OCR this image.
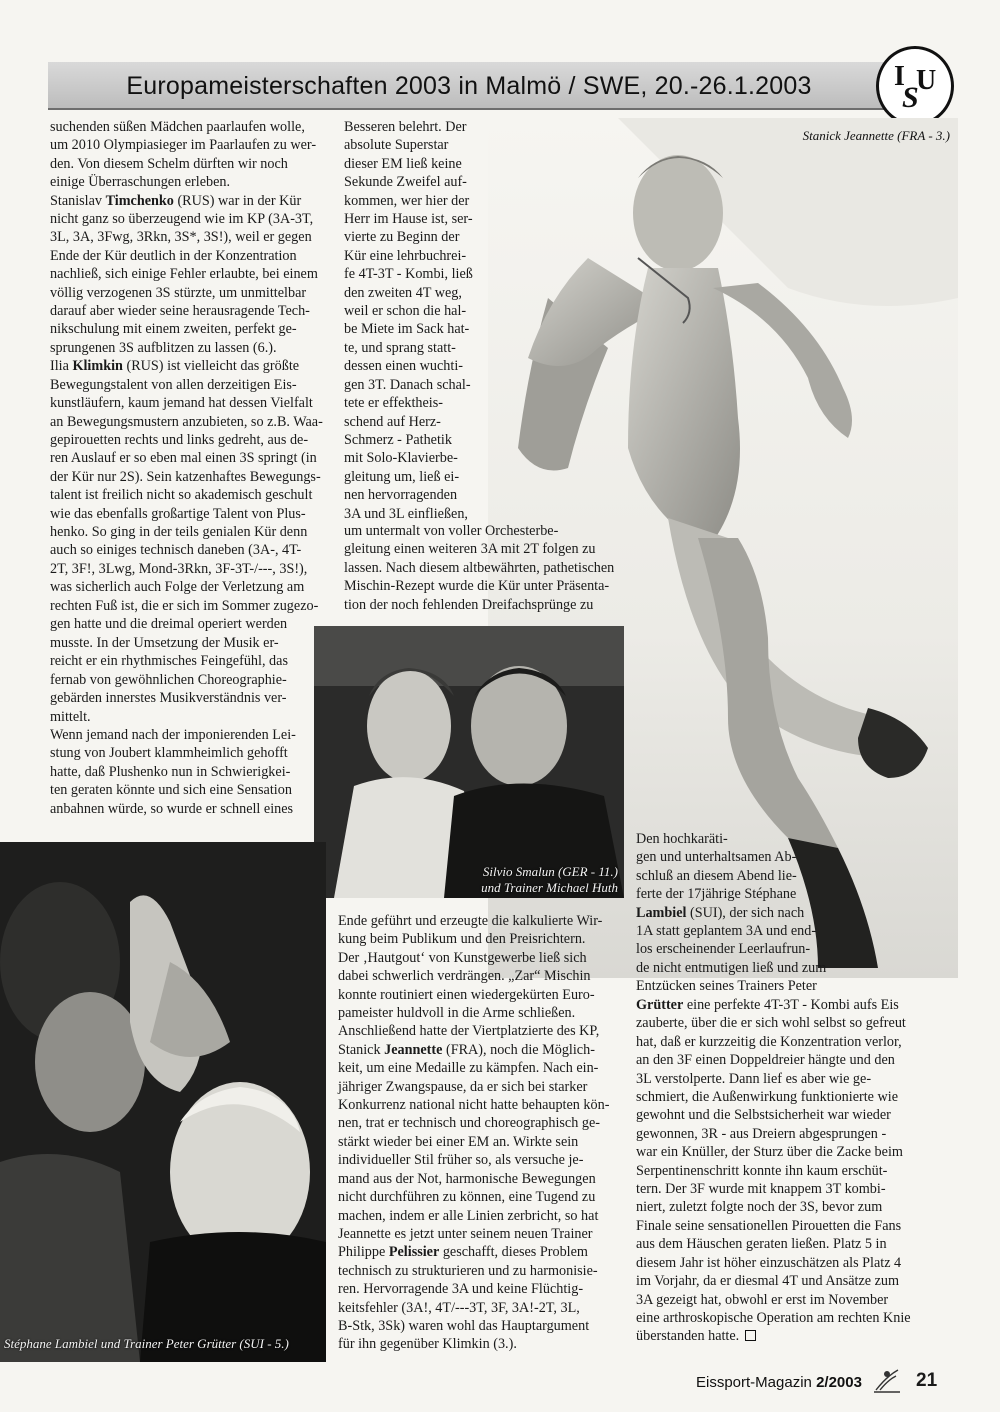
Europameisterschaften 2003 in Malmö / SWE, 20.-26.1.2003	I
S
U
Stanick Jeannette (FRA - 3.)
suchenden süßen Mädchen paarlaufen wolle,
um 2010 Olympiasieger im Paarlaufen zu wer-
den. Von diesem Schelm dürften wir noch
einige Überraschungen erleben.
Stanislav Timchenko (RUS) war in der Kür
nicht ganz so überzeugend wie im KP (3A-3T,
3L, 3A, 3Fwg, 3Rkn, 3S*, 3S!), weil er gegen
Ende der Kür deutlich in der Konzentration
nachließ, sich einige Fehler erlaubte, bei einem
völlig verzogenen 3S stürzte, um unmittelbar
darauf aber wieder seine herausragende Tech-
nikschulung mit einem zweiten, perfekt ge-
sprungenen 3S aufblitzen zu lassen (6.).
Ilia Klimkin (RUS) ist vielleicht das größte
Bewegungstalent von allen derzeitigen Eis-
kunstläufern, kaum jemand hat dessen Vielfalt
an Bewegungsmustern anzubieten, so z.B. Waa-
gepirouetten rechts und links gedreht, aus de-
ren Auslauf er so eben mal einen 3S springt (in
der Kür nur 2S). Sein katzenhaftes Bewegungs-
talent ist freilich nicht so akademisch geschult
wie das ebenfalls großartige Talent von Plus-
henko. So ging in der teils genialen Kür denn
auch so einiges technisch daneben (3A-, 4T-
2T, 3F!, 3Lwg, Mond-3Rkn, 3F-3T-/---, 3S!),
was sicherlich auch Folge der Verletzung am
rechten Fuß ist, die er sich im Sommer zugezo-
gen hatte und die dreimal operiert werden
musste. In der Umsetzung der Musik er-
reicht er ein rhythmisches Feingefühl, das
fernab von gewöhnlichen Choreographie-
gebärden innerstes Musikverständnis ver-
mittelt.
Wenn jemand nach der imponierenden Lei-
stung von Joubert klammheimlich gehofft
hatte, daß Plushenko nun in Schwierigkei-
ten geraten könnte und sich eine Sensation
anbahnen würde, so wurde er schnell eines
Besseren belehrt. Der
absolute Superstar
dieser EM ließ keine
Sekunde Zweifel auf-
kommen, wer hier der
Herr im Hause ist, ser-
vierte zu Beginn der
Kür eine lehrbuchrei-
fe 4T-3T - Kombi, ließ
den zweiten 4T weg,
weil er schon die hal-
be Miete im Sack hat-
te, und sprang statt-
dessen einen wuchti-
gen 3T. Danach schal-
tete er effektheis-
schend auf Herz-
Schmerz - Pathetik
mit Solo-Klavierbe-
gleitung um, ließ ei-
nen hervorragenden
3A und 3L einfließen,
um untermalt von voller Orchesterbe-
gleitung einen weiteren 3A mit 2T folgen zu
lassen. Nach diesem altbewährten, pathetischen
Mischin-Rezept wurde die Kür unter Präsenta-
tion der noch fehlenden Dreifachsprünge zu
Silvio Smalun (GER - 11.)
und Trainer Michael Huth
Stéphane Lambiel und Trainer Peter Grütter (SUI - 5.)
Ende geführt und erzeugte die kalkulierte Wir-
kung beim Publikum und den Preisrichtern.
Der ‚Hautgout‘ von Kunstgewerbe ließ sich
dabei schwerlich verdrängen. „Zar“ Mischin
konnte routiniert einen wiedergekürten Euro-
pameister huldvoll in die Arme schließen.
Anschließend hatte der Viertplatzierte des KP,
Stanick Jeannette (FRA), noch die Möglich-
keit, um eine Medaille zu kämpfen. Nach ein-
jähriger Zwangspause, da er sich bei starker
Konkurrenz national nicht hatte behaupten kön-
nen, trat er technisch und choreographisch ge-
stärkt wieder bei einer EM an. Wirkte sein
individueller Stil früher so, als versuche je-
mand aus der Not, harmonische Bewegungen
nicht durchführen zu können, eine Tugend zu
machen, indem er alle Linien zerbricht, so hat
Jeannette es jetzt unter seinem neuen Trainer
Philippe Pelissier geschafft, dieses Problem
technisch zu strukturieren und zu harmonisie-
ren. Hervorragende 3A und keine Flüchtig-
keitsfehler (3A!, 4T/---3T, 3F, 3A!-2T, 3L,
B-Stk, 3Sk) waren wohl das Hauptargument
für ihn gegenüber Klimkin (3.).
Den hochkaräti-
gen und unterhaltsamen Ab-
schluß an diesem Abend lie-
ferte der 17jährige Stéphane
Lambiel (SUI), der sich nach
1A statt geplantem 3A und end-
los erscheinender Leerlaufrun-
de nicht entmutigen ließ und zum
Entzücken seines Trainers Peter
Grütter eine perfekte 4T-3T - Kombi aufs Eis
zauberte, über die er sich wohl selbst so gefreut
hat, daß er kurzzeitig die Konzentration verlor,
an den 3F einen Doppeldreier hängte und den
3L verstolperte. Dann lief es aber wie ge-
schmiert, die Außenwirkung funktionierte wie
gewohnt und die Selbstsicherheit war wieder
gewonnen, 3R - aus Dreiern abgesprungen -
war ein Knüller, der Sturz über die Zacke beim
Serpentinenschritt konnte ihn kaum erschüt-
tern. Der 3F wurde mit knappem 3T kombi-
niert, zuletzt folgte noch der 3S, bevor zum
Finale seine sensationellen Pirouetten die Fans
aus dem Häuschen geraten ließen. Platz 5 in
diesem Jahr ist höher einzuschätzen als Platz 4
im Vorjahr, da er diesmal 4T und Ansätze zum
3A gezeigt hat, obwohl er erst im November
eine arthroskopische Operation am rechten Knie
überstanden hatte.
Eissport-Magazin 2/2003	21
